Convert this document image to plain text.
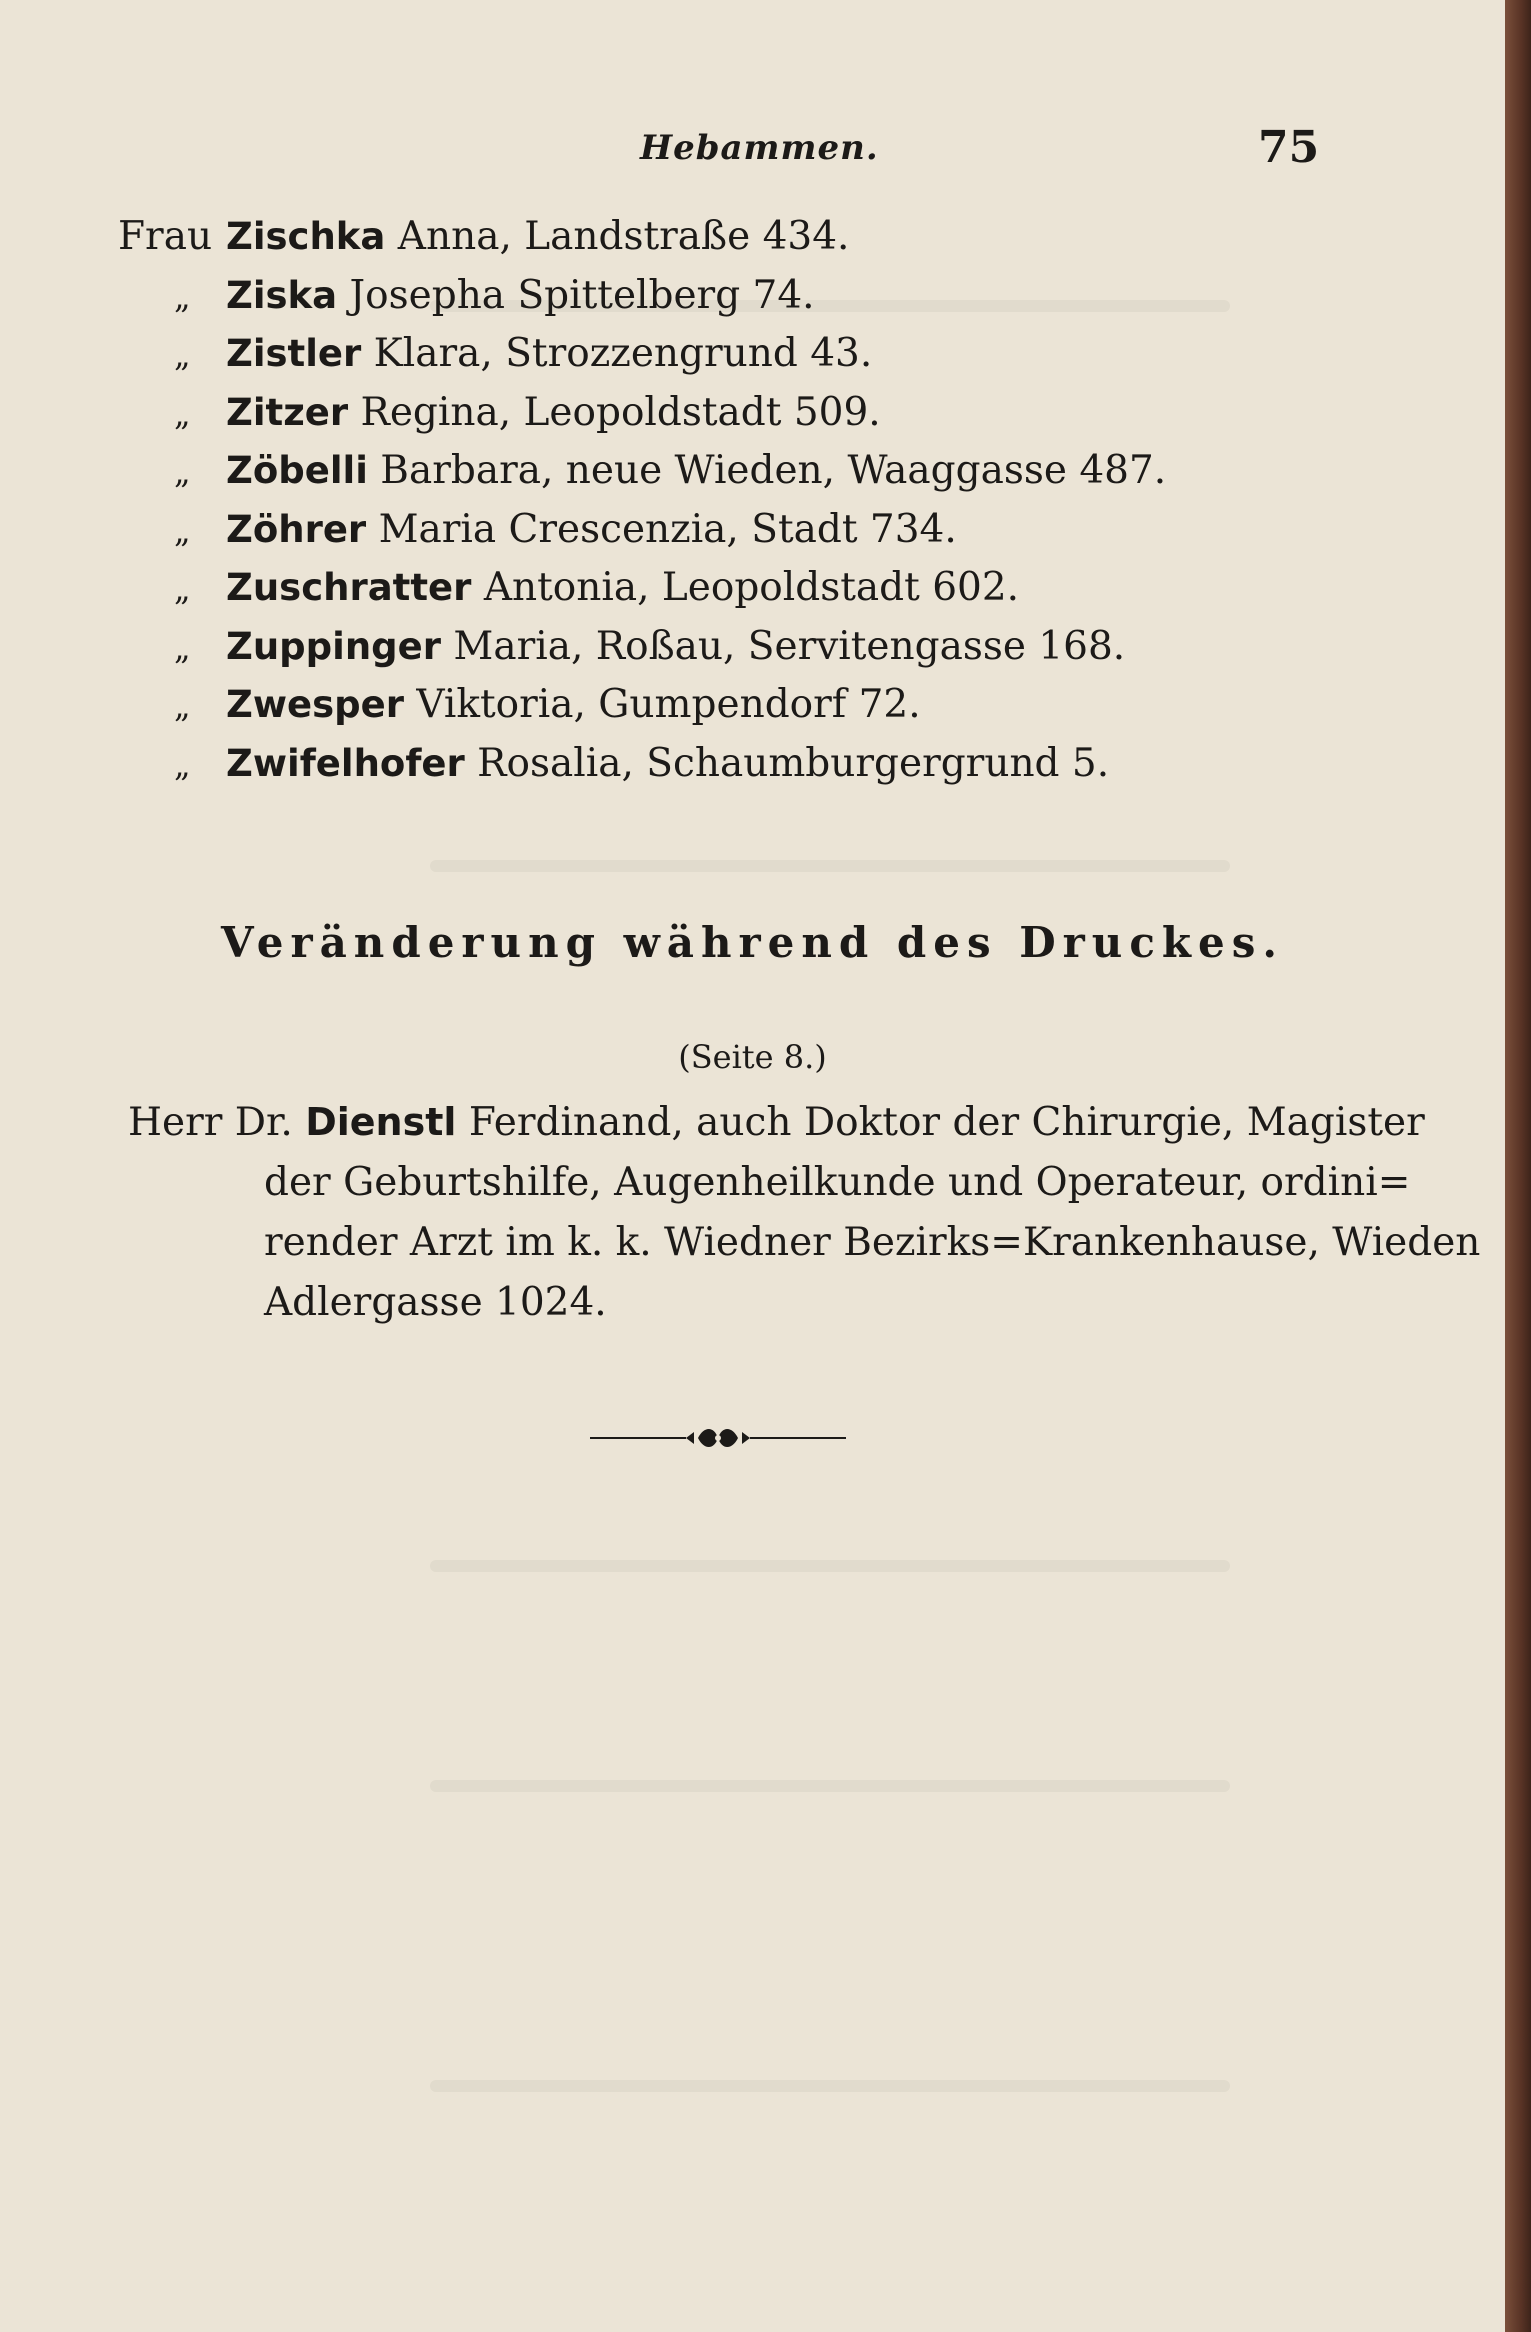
Hebammen.	75
Frau Zischka Anna, Landstraße 434.
„ Ziska Josepha Spittelberg 74.
„ Zistler Klara, Strozzengrund 43.
„ Zitzer Regina, Leopoldstadt 509.
„ Zöbelli Barbara, neue Wieden, Waaggasse 487.
„ Zöhrer Maria Crescenzia, Stadt 734.
„ Zuschratter Antonia, Leopoldstadt 602.
„ Zuppinger Maria, Roßau, Servitengasse 168.
„ Zwesper Viktoria, Gumpendorf 72.
„ Zwifelhofer Rosalia, Schaumburgergrund 5.
Veränderung während des Druckes.
(Seite 8.)
Herr Dr. Dienstl Ferdinand, auch Doktor der Chirurgie, Magister
der Geburtshilfe, Augenheilkunde und Operateur, ordini=
render Arzt im k. k. Wiedner Bezirks=Krankenhause, Wieden
Adlergasse 1024.
